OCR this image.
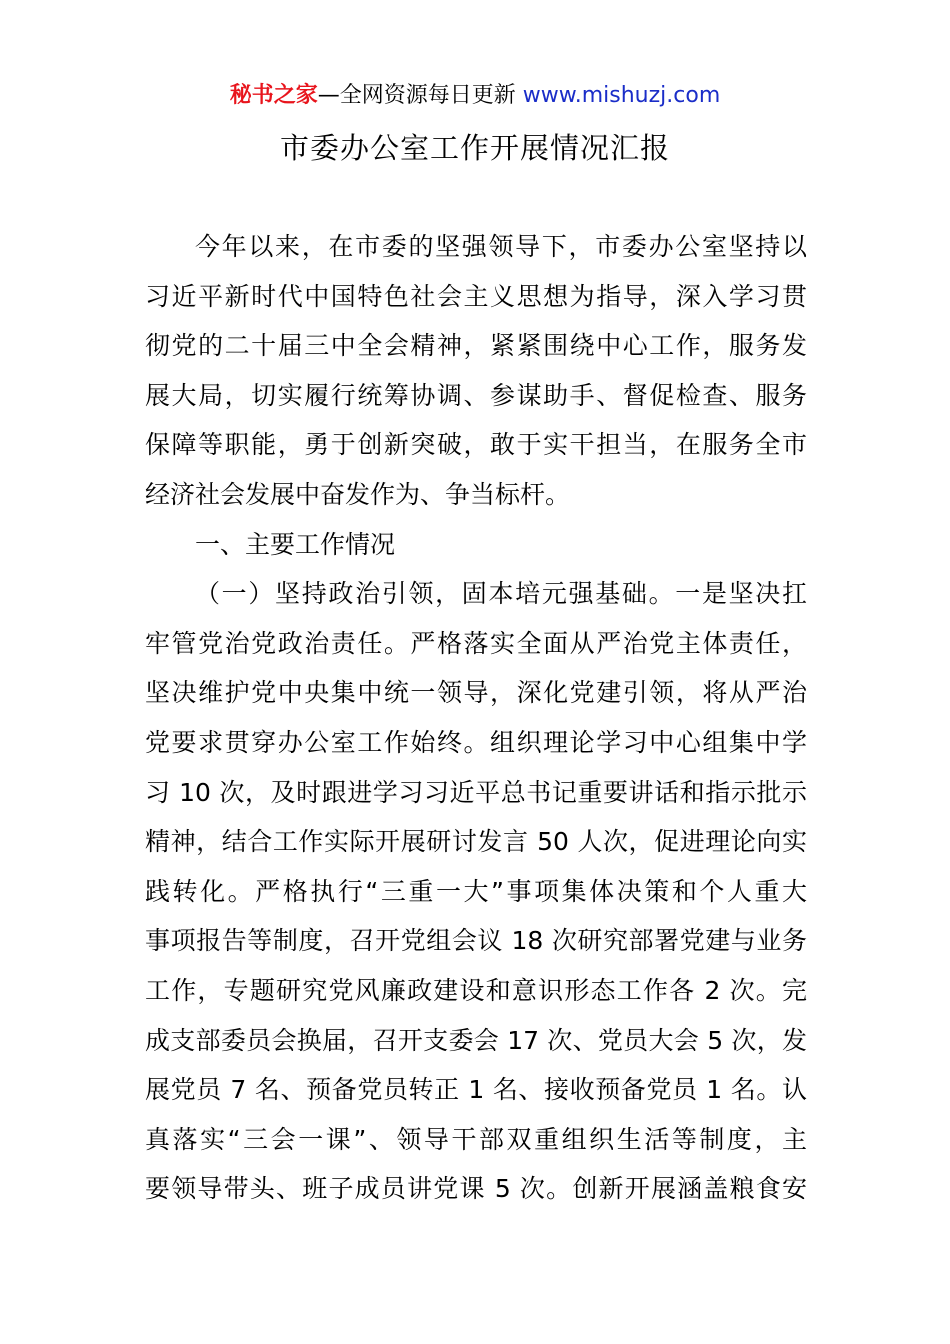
秘书之家—全网资源每日更新 www.mishuzj.com
市委办公室工作开展情况汇报
今年以来，在市委的坚强领导下，市委办公室坚持以
习近平新时代中国特色社会主义思想为指导，深入学习贯
彻党的二十届三中全会精神，紧紧围绕中心工作，服务发
展大局，切实履行统筹协调、参谋助手、督促检查、服务
保障等职能，勇于创新突破，敢于实干担当，在服务全市
经济社会发展中奋发作为、争当标杆。
一、主要工作情况
（一）坚持政治引领，固本培元强基础。一是坚决扛
牢管党治党政治责任。严格落实全面从严治党主体责任，
坚决维护党中央集中统一领导，深化党建引领，将从严治
党要求贯穿办公室工作始终。组织理论学习中心组集中学
习 10 次，及时跟进学习习近平总书记重要讲话和指示批示
精神，结合工作实际开展研讨发言 50 人次，促进理论向实
践转化。严格执行“三重一大”事项集体决策和个人重大
事项报告等制度，召开党组会议 18 次研究部署党建与业务
工作，专题研究党风廉政建设和意识形态工作各 2 次。完
成支部委员会换届，召开支委会 17 次、党员大会 5 次，发
展党员 7 名、预备党员转正 1 名、接收预备党员 1 名。认
真落实“三会一课”、领导干部双重组织生活等制度，主
要领导带头、班子成员讲党课 5 次。创新开展涵盖粮食安
